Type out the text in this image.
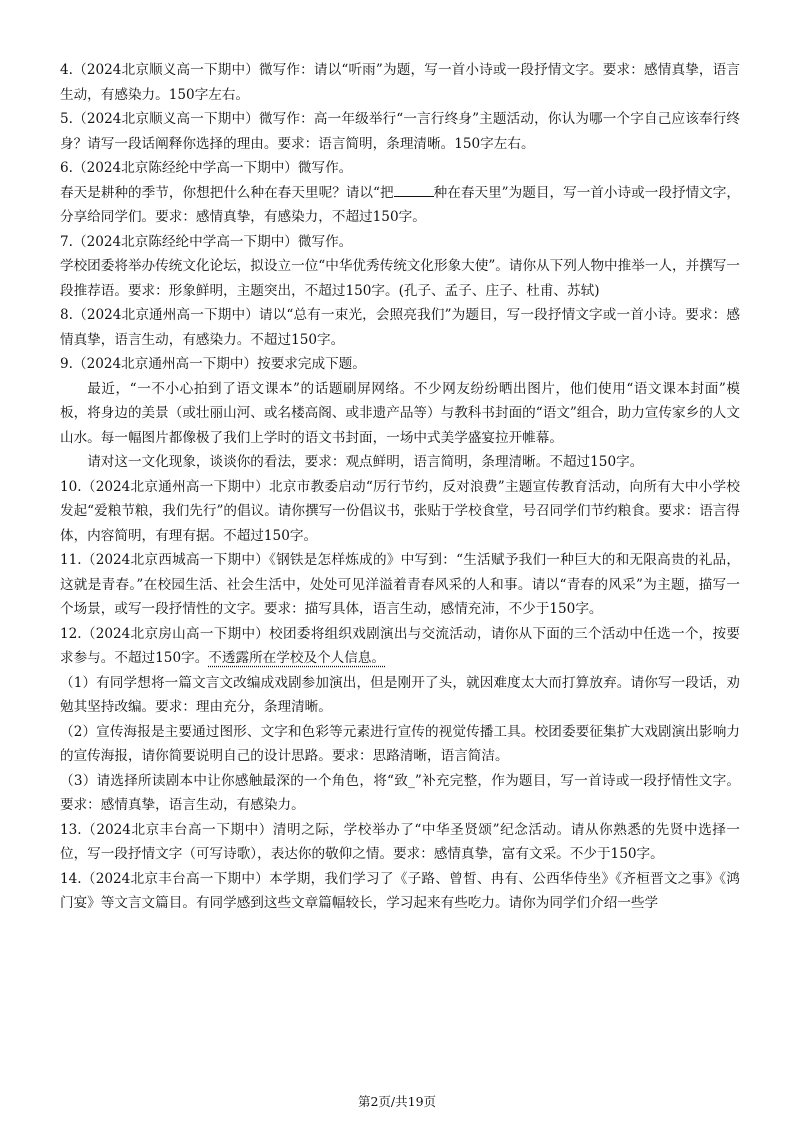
4.（2024北京顺义高一下期中）微写作：请以“听雨”为题，写一首小诗或一段抒情文字。要求：感情真挚，语言生动，有感染力。150字左右。

5.（2024北京顺义高一下期中）微写作：高一年级举行“一言行终身”主题活动，你认为哪一个字自己应该奉行终身？请写一段话阐释你选择的理由。要求：语言简明，条理清晰。150字左右。

6.（2024北京陈经纶中学高一下期中）微写作。

春天是耕种的季节，你想把什么种在春天里呢？请以“把	种在春天里”为题目，写一首小诗或一段抒情文字，分享给同学们。要求：感情真挚，有感染力，不超过150字。

7.（2024北京陈经纶中学高一下期中）微写作。

学校团委将举办传统文化论坛，拟设立一位“中华优秀传统文化形象大使”。请你从下列人物中推举一人，并撰写一段推荐语。要求：形象鲜明，主题突出，不超过150字。(孔子、孟子、庄子、杜甫、苏轼)

8.（2024北京通州高一下期中）请以“总有一束光，会照亮我们”为题目，写一段抒情文字或一首小诗。要求：感情真挚，语言生动，有感染力。不超过150字。

9.（2024北京通州高一下期中）按要求完成下题。

最近，“一不小心拍到了语文课本”的话题刷屏网络。不少网友纷纷晒出图片，他们使用“语文课本封面”模板，将身边的美景（或壮丽山河、或名楼高阁、或非遗产品等）与教科书封面的“语文”组合，助力宣传家乡的人文山水。每一幅图片都像极了我们上学时的语文书封面，一场中式美学盛宴拉开帷幕。

请对这一文化现象，谈谈你的看法，要求：观点鲜明，语言简明，条理清晰。不超过150字。

10.（2024北京通州高一下期中）北京市教委启动“厉行节约，反对浪费”主题宣传教育活动，向所有大中小学校发起“爱粮节粮，我们先行”的倡议。请你撰写一份倡议书，张贴于学校食堂，号召同学们节约粮食。要求：语言得体，内容简明，有理有据。不超过150字。

11.（2024北京西城高一下期中）《钢铁是怎样炼成的》中写到：“生活赋予我们一种巨大的和无限高贵的礼品，这就是青春。”在校园生活、社会生活中，处处可见洋溢着青春风采的人和事。请以“青春的风采”为主题，描写一个场景，或写一段抒情性的文字。要求：描写具体，语言生动，感情充沛，不少于150字。

12.（2024北京房山高一下期中）校团委将组织戏剧演出与交流活动，请你从下面的三个活动中任选一个，按要求参与。不超过150字。不透露所在学校及个人信息。

（1）有同学想将一篇文言文改编成戏剧参加演出，但是刚开了头，就因难度太大而打算放弃。请你写一段话，劝勉其坚持改编。要求：理由充分，条理清晰。

（2）宣传海报是主要通过图形、文字和色彩等元素进行宣传的视觉传播工具。校团委要征集扩大戏剧演出影响力的宣传海报，请你简要说明自己的设计思路。要求：思路清晰，语言简洁。

（3）请选择所读剧本中让你感触最深的一个角色，将“致_”补充完整，作为题目，写一首诗或一段抒情性文字。要求：感情真挚，语言生动，有感染力。

13.（2024北京丰台高一下期中）清明之际，学校举办了“中华圣贤颂”纪念活动。请从你熟悉的先贤中选择一位，写一段抒情文字（可写诗歌），表达你的敬仰之情。要求：感情真挚，富有文采。不少于150字。

14.（2024北京丰台高一下期中）本学期，我们学习了《子路、曾皙、冉有、公西华侍坐》《齐桓晋文之事》《鸿门宴》等文言文篇目。有同学感到这些文章篇幅较长，学习起来有些吃力。请你为同学们介绍一些学

第2页/共19页
